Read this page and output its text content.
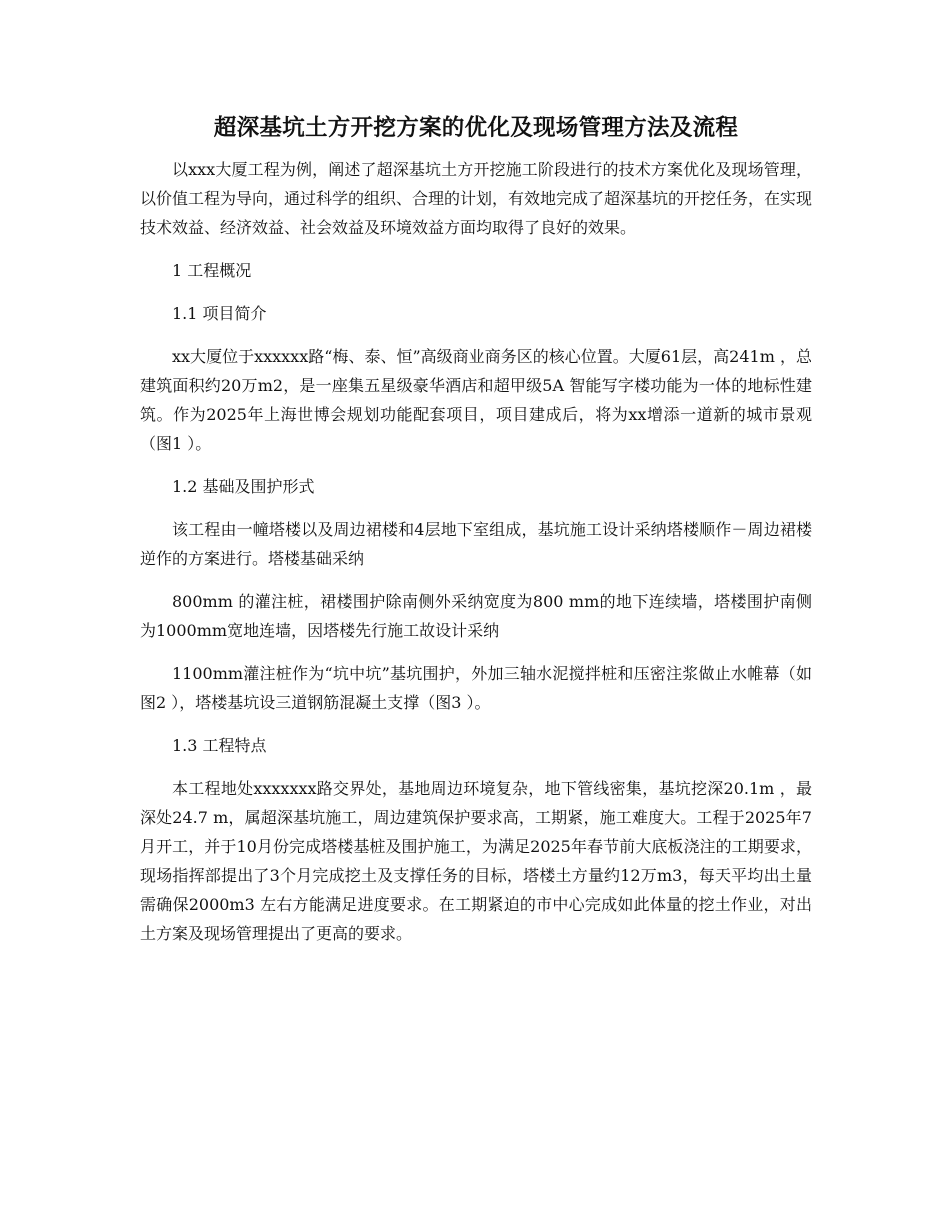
超深基坑土方开挖方案的优化及现场管理方法及流程

以xxx大厦工程为例，阐述了超深基坑土方开挖施工阶段进行的技术方案优化及现场管理，以价值工程为导向，通过科学的组织、合理的计划，有效地完成了超深基坑的开挖任务，在实现技术效益、经济效益、社会效益及环境效益方面均取得了良好的效果。

1 工程概况

1.1 项目简介

xx大厦位于xxxxxx路“梅、泰、恒”高级商业商务区的核心位置。大厦61层，高241m ，总建筑面积约20万m2，是一座集五星级豪华酒店和超甲级5A 智能写字楼功能为一体的地标性建筑。作为2025年上海世博会规划功能配套项目，项目建成后，将为xx增添一道新的城市景观（图1 ）。

1.2 基础及围护形式

该工程由一幢塔楼以及周边裙楼和4层地下室组成，基坑施工设计采纳塔楼顺作－周边裙楼逆作的方案进行。塔楼基础采纳

800mm 的灌注桩，裙楼围护除南侧外采纳宽度为800 mm的地下连续墙，塔楼围护南侧为1000mm宽地连墙，因塔楼先行施工故设计采纳

1100mm灌注桩作为“坑中坑”基坑围护，外加三轴水泥搅拌桩和压密注浆做止水帷幕（如图2 ），塔楼基坑设三道钢筋混凝土支撑（图3 ）。

1.3 工程特点

本工程地处xxxxxxx路交界处，基地周边环境复杂，地下管线密集，基坑挖深20.1m ，最深处24.7 m，属超深基坑施工，周边建筑保护要求高，工期紧，施工难度大。工程于2025年7月开工，并于10月份完成塔楼基桩及围护施工，为满足2025年春节前大底板浇注的工期要求，现场指挥部提出了3个月完成挖土及支撑任务的目标，塔楼土方量约12万m3，每天平均出土量需确保2000m3 左右方能满足进度要求。在工期紧迫的市中心完成如此体量的挖土作业，对出土方案及现场管理提出了更高的要求。
